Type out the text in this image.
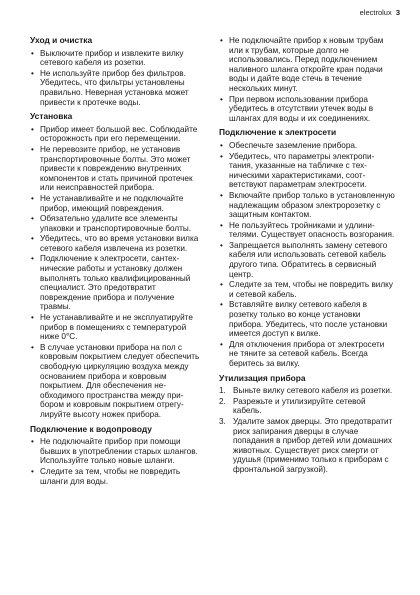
electrolux 3
Уход и очистка
• Выключите прибор и извлеките вилку сетевого кабеля из розетки.
• Не используйте прибор без фильтров. Убедитесь, что фильтры установлены правильно. Неверная установка может привести к протечке воды.
Установка
• Прибор имеет большой вес. Соблюдайте осторожность при его перемещении.
• Не перевозите прибор, не установив транспортировочные болты. Это может привести к повреждению внутренних компонентов и стать причиной протечек или неисправностей прибора.
• Не устанавливайте и не подключайте прибор, имеющий повреждения.
• Обязательно удалите все элементы упаковки и транспортировочные болты.
• Убедитесь, что во время установки вилка сетевого кабеля извлечена из розетки.
• Подключение к электросети, сантехнические работы и установку должен выполнять только квалифицированный специалист. Это предотвратит повреждение прибора и получение травмы.
• Не устанавливайте и не эксплуатируйте прибор в помещениях с температурой ниже 0°С.
• В случае установки прибора на пол с ковровым покрытием следует обеспечить свободную циркуляцию воздуха между основанием прибора и ковровым покрытием. Для обеспечения необходимого пространства между прибором и ковровым покрытием отрегулируйте высоту ножек прибора.
Подключение к водопроводу
• Не подключайте прибор при помощи бывших в употреблении старых шлангов. Используйте только новые шланги.
• Следите за тем, чтобы не повредить шланги для воды.
• Не подключайте прибор к новым трубам или к трубам, которые долго не использовались. Перед подключением наливного шланга откройте кран подачи воды и дайте воде стечь в течение нескольких минут.
• При первом использовании прибора убедитесь в отсутствии утечек воды в шлангах для воды и их соединениях.
Подключение к электросети
• Обеспечьте заземление прибора.
• Убедитесь, что параметры электропитания, указанные на табличке с техническими характеристиками, соответствуют параметрам электросети.
• Включайте прибор только в установленную надлежащим образом электророзетку с защитным контактом.
• Не пользуйтесь тройниками и удлинителями. Существует опасность возгорания.
• Запрещается выполнять замену сетевого кабеля или использовать сетевой кабель другого типа. Обратитесь в сервисный центр.
• Следите за тем, чтобы не повредить вилку и сетевой кабель.
• Вставляйте вилку сетевого кабеля в розетку только во конце установки прибора. Убедитесь, что после установки имеется доступ к вилке.
• Для отключения прибора от электросети не тяните за сетевой кабель. Всегда беритесь за вилку.
Утилизация прибора
1. Выньте вилку сетевого кабеля из розетки.
2. Разрежьте и утилизируйте сетевой кабель.
3. Удалите замок дверцы. Это предотвратит риск запирания дверцы в случае попадания в прибор детей или домашних животных. Существует риск смерти от удушья (применимо только к приборам с фронтальной загрузкой).
